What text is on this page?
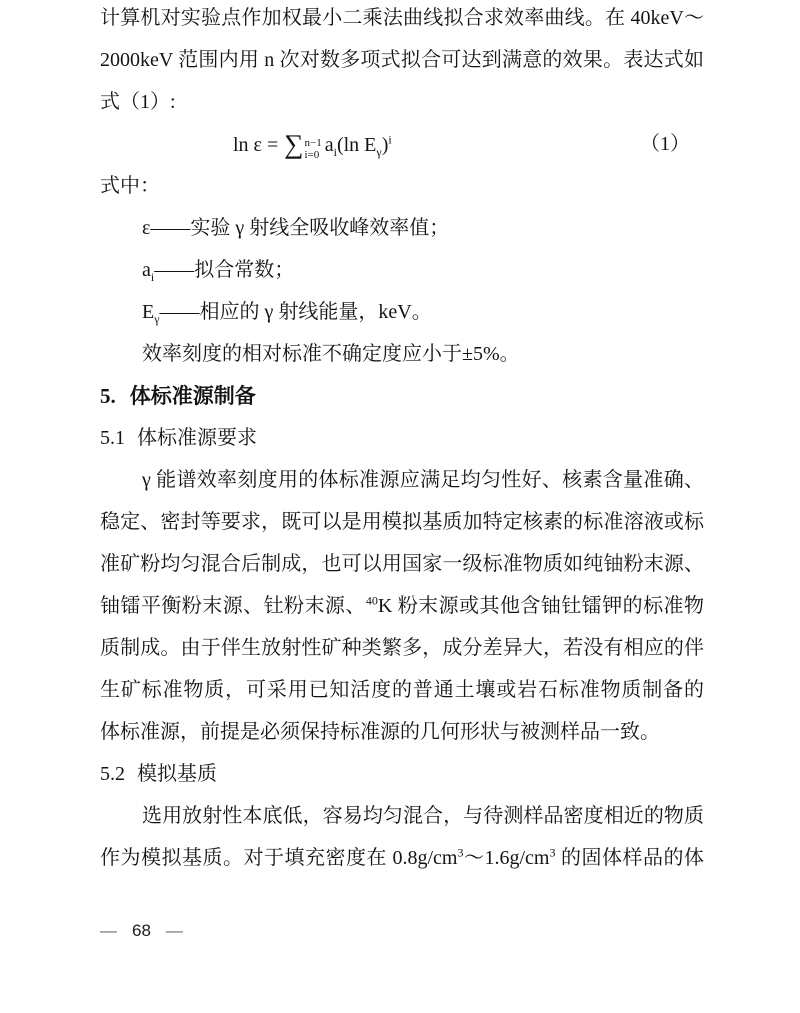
计算机对实验点作加权最小二乘法曲线拟合求效率曲线。在 40keV～
2000keV 范围内用 n 次对数多项式拟合可达到满意的效果。表达式如
式（1）:
ln ε = ∑ n−1
i=0 $a_i(\ln$ $E_\gamma)^i$	（1）
式中：
ε——实验 γ 射线全吸收峰效率值；
$a_i——$拟合常数；
$E_\gamma——$相应的 γ 射线能量，keV。
效率刻度的相对标准不确定度应小于±5%。
5. 体标准源制备
5.1 体标准源要求
γ 能谱效率刻度用的体标准源应满足均匀性好、核素含量准确、
稳定、密封等要求，既可以是用模拟基质加特定核素的标准溶液或标
准矿粉均匀混合后制成，也可以用国家一级标准物质如纯铀粉末源、
铀镭平衡粉末源、钍粉末源、$^{40}$K 粉末源或其他含铀钍镭钾的标准物
质制成。由于伴生放射性矿种类繁多，成分差异大，若没有相应的伴
生矿标准物质，可采用已知活度的普通土壤或岩石标准物质制备的
体标准源，前提是必须保持标准源的几何形状与被测样品一致。
5.2 模拟基质
选用放射性本底低，容易均匀混合，与待测样品密度相近的物质
作为模拟基质。对于填充密度在 $0.8g/cm^3\sim 1.6g/cm^3$ 的固体样品的体
— 68 —
